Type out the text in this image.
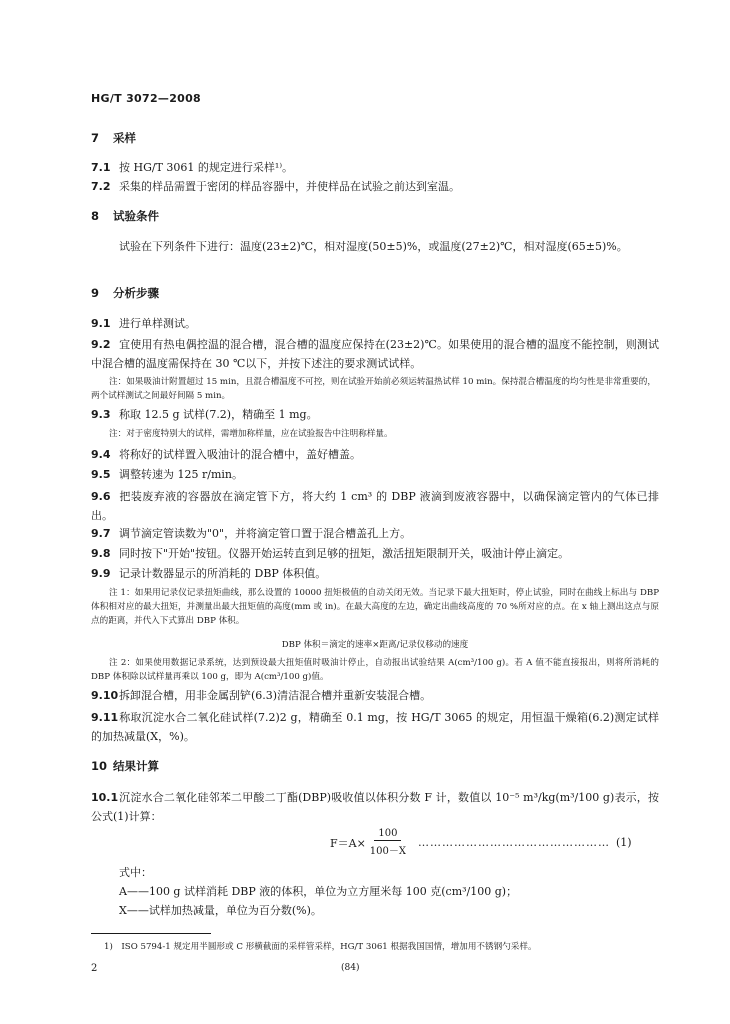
HG/T 3072—2008
7 采样
7.1 按 HG/T 3061 的规定进行采样¹⁾。
7.2 采集的样品需置于密闭的样品容器中，并使样品在试验之前达到室温。
8 试验条件
试验在下列条件下进行：温度(23±2)℃，相对湿度(50±5)%，或温度(27±2)℃，相对湿度(65±5)%。
9 分析步骤
9.1 进行单样测试。
9.2 宜使用有热电偶控温的混合槽，混合槽的温度应保持在(23±2)℃。如果使用的混合槽的温度不能控制，则测试中混合槽的温度需保持在 30 ℃以下，并按下述注的要求测试试样。
注：如果吸油计附置超过 15 min，且混合槽温度不可控，则在试验开始前必须运转温热试样 10 min。保持混合槽温度的均匀性是非常重要的，两个试样测试之间最好间隔 5 min。
9.3 称取 12.5 g 试样(7.2)，精确至 1 mg。
注：对于密度特别大的试样，需增加称样量，应在试验报告中注明称样量。
9.4 将称好的试样置入吸油计的混合槽中，盖好槽盖。
9.5 调整转速为 125 r/min。
9.6 把装废弃液的容器放在滴定管下方，将大约 1 cm³ 的 DBP 液滴到废液容器中，以确保滴定管内的气体已排出。
9.7 调节滴定管读数为"0"，并将滴定管口置于混合槽盖孔上方。
9.8 同时按下"开始"按钮。仪器开始运转直到足够的扭矩，激活扭矩限制开关，吸油计停止滴定。
9.9 记录计数器显示的所消耗的 DBP 体积值。
注 1：如果用记录仪记录扭矩曲线，那么设置的 10000 扭矩极值的自动关闭无效。当记录下最大扭矩时，停止试验，同时在曲线上标出与 DBP 体积相对应的最大扭矩，并测量出最大扭矩值的高度(mm 或 in)。在最大高度的左边，确定出曲线高度的 70 %所对应的点。在 x 轴上测出这点与原点的距离，并代入下式算出 DBP 体积。
DBP 体积＝滴定的速率×距离/记录仪移动的速度
注 2：如果使用数据记录系统，达到预设最大扭矩值时吸油计停止，自动报出试验结果 A(cm³/100 g)。若 A 值不能直接报出，则将所消耗的 DBP 体积除以试样量再乘以 100 g，即为 A(cm³/100 g)值。
9.10拆卸混合槽，用非金属刮铲(6.3)清洁混合槽并重新安装混合槽。
9.11称取沉淀水合二氧化硅试样(7.2)2 g，精确至 0.1 mg，按 HG/T 3065 的规定，用恒温干燥箱(6.2)测定试样的加热减量(X，%)。
10 结果计算
10.1沉淀水合二氧化硅邻苯二甲酸二丁酯(DBP)吸收值以体积分数 F 计，数值以 10⁻⁵ m³/kg(m³/100 g)表示，按公式(1)计算：
$F=A\times \frac{100}{100-X}$ ………………………………………… (1)
式中：
A——100 g 试样消耗 DBP 液的体积，单位为立方厘米每 100 克(cm³/100 g)；
X——试样加热减量，单位为百分数(%)。
1)　ISO 5794-1 规定用半圆形或 C 形横截面的采样管采样，HG/T 3061 根据我国国情，增加用不锈钢勺采样。
2	(84)
